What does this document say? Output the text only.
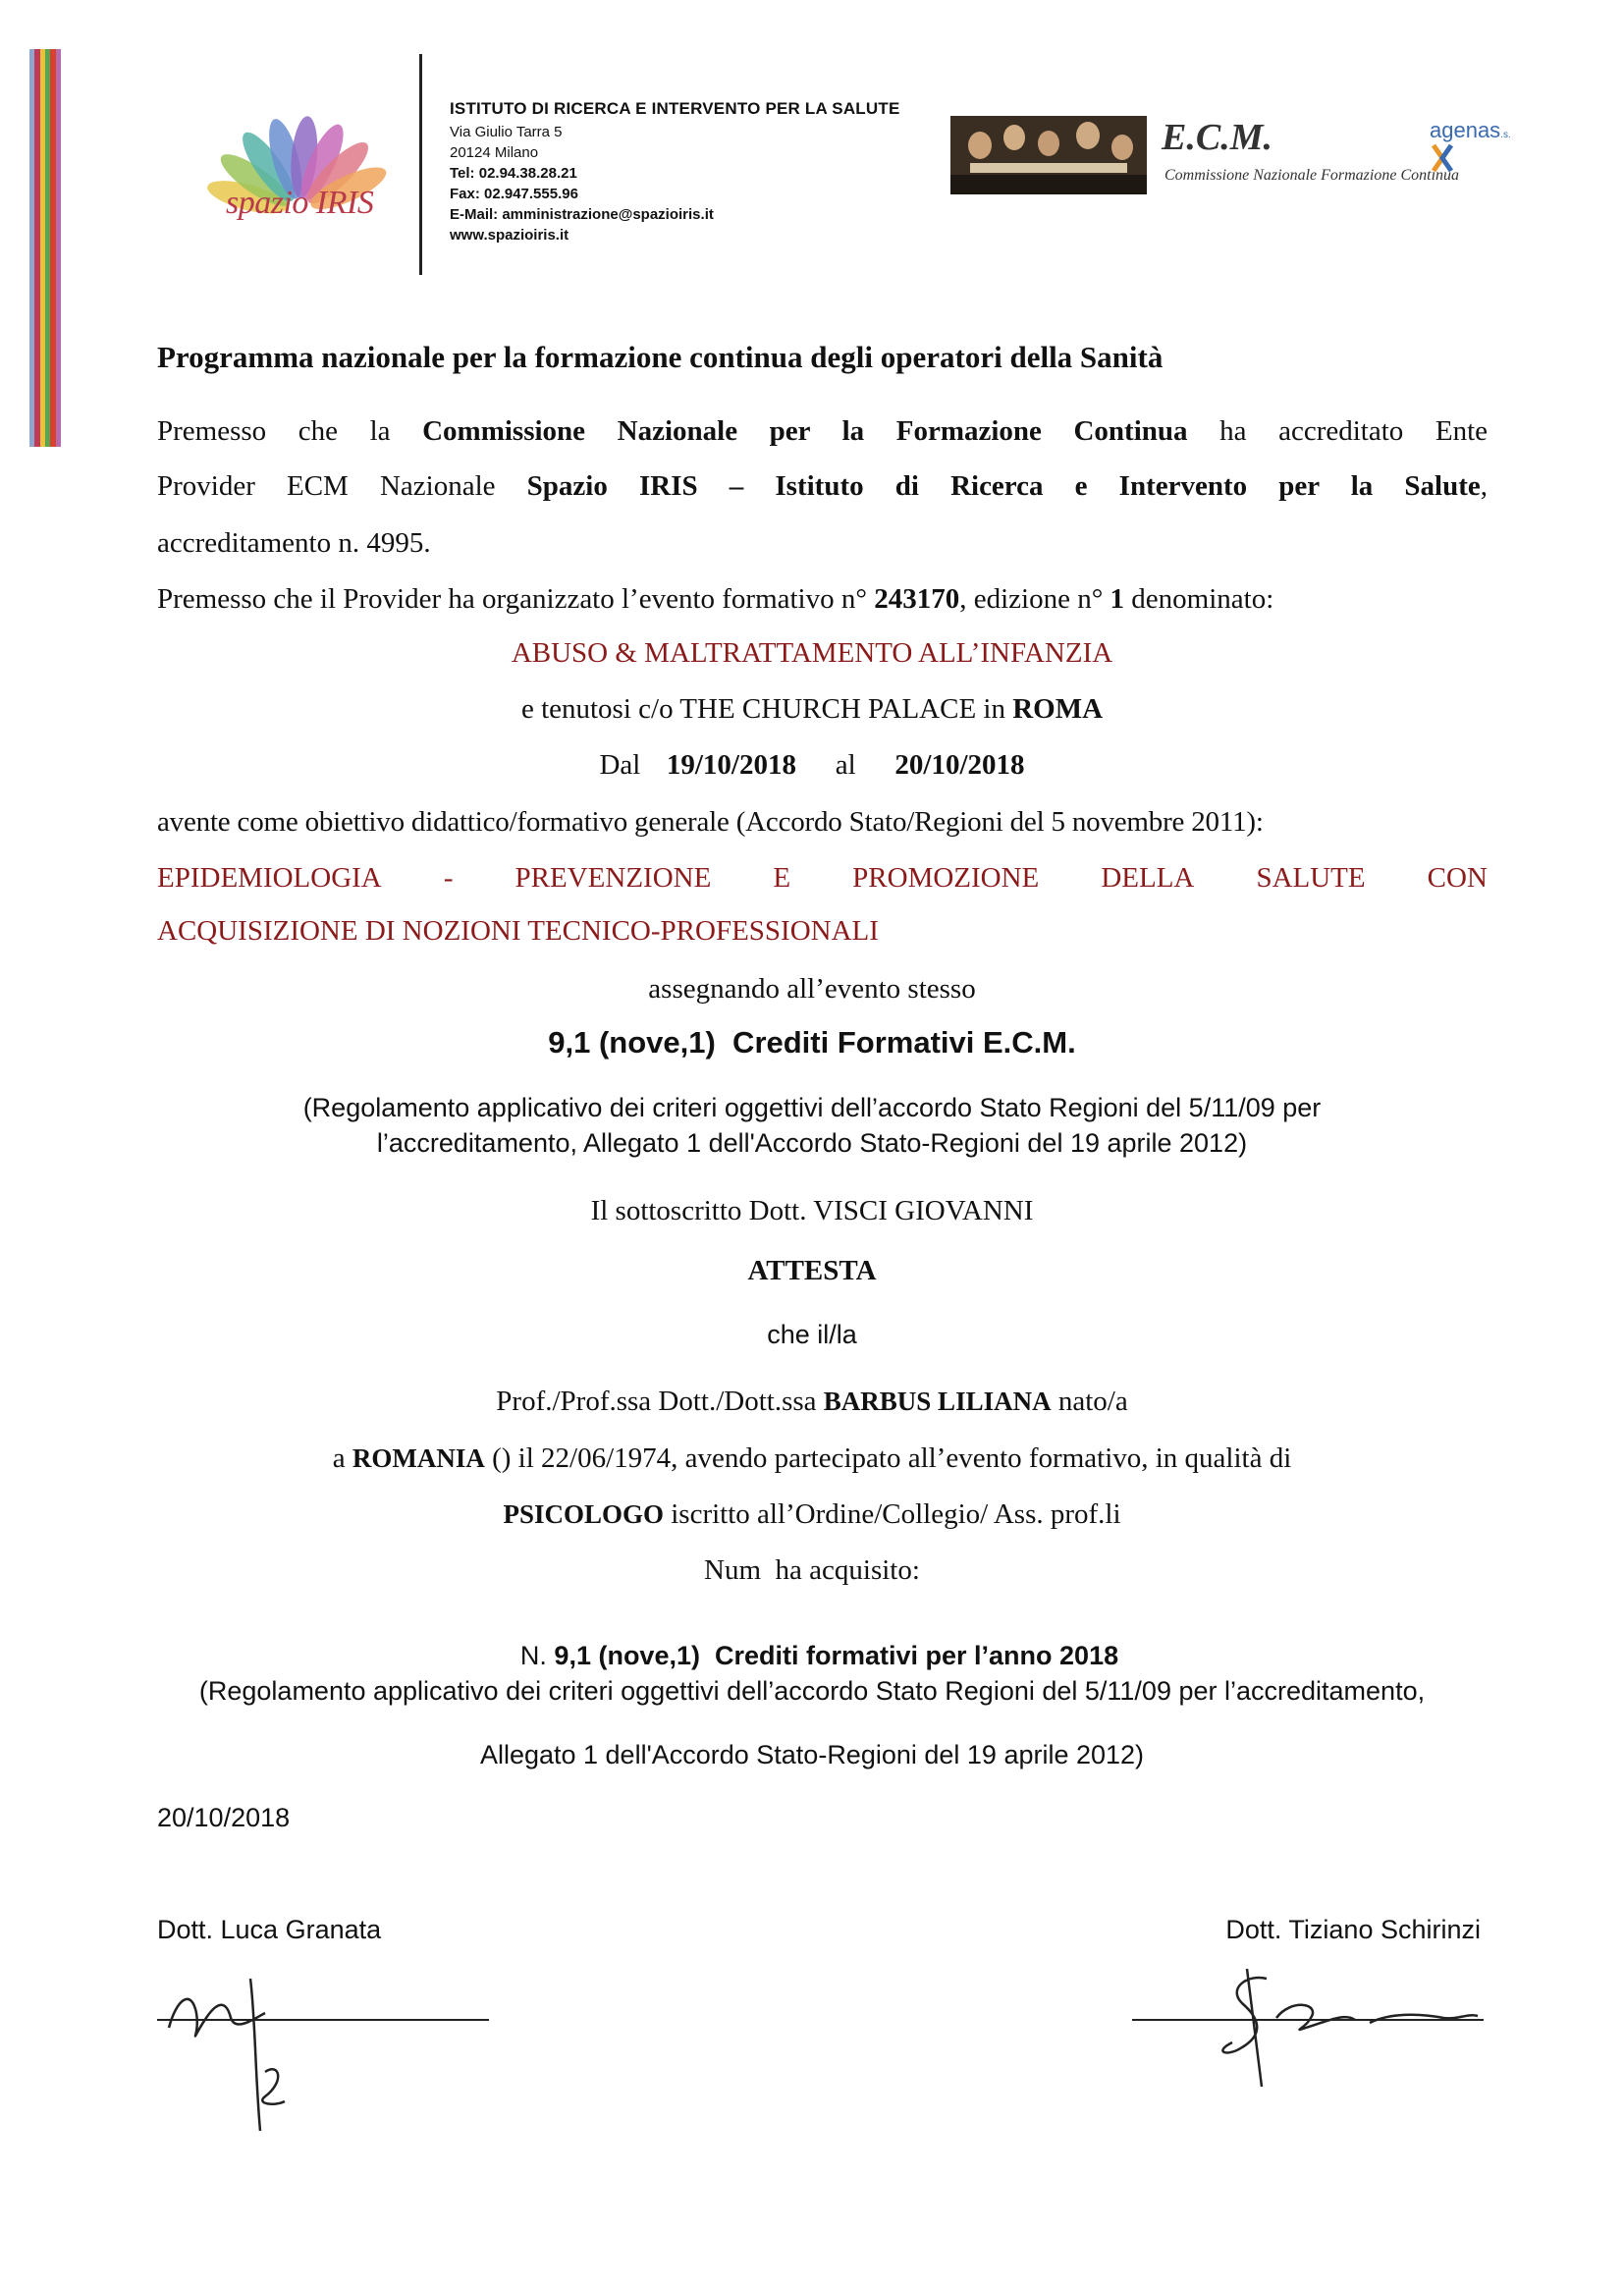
spazio IRIS
ISTITUTO DI RICERCA E INTERVENTO PER LA SALUTE
Via Giulio Tarra 5
20124 Milano
Tel: 02.94.38.28.21
Fax: 02.947.555.96
E-Mail: amministrazione@spazioiris.it
www.spazioiris.it
E.C.M.
Commissione Nazionale Formazione Continua
agenas.s.
Programma nazionale per la formazione continua degli operatori della Sanità
Premesso che la Commissione Nazionale per la Formazione Continua ha accreditato Ente
Provider ECM Nazionale Spazio IRIS – Istituto di Ricerca e Intervento per la Salute,
accreditamento n. 4995.
Premesso che il Provider ha organizzato l’evento formativo n° 243170, edizione n° 1 denominato:
ABUSO & MALTRATTAMENTO ALL’INFANZIA
e tenutosi c/o THE CHURCH PALACE in ROMA
Dal 19/10/2018 al 20/10/2018
avente come obiettivo didattico/formativo generale (Accordo Stato/Regioni del 5 novembre 2011):
EPIDEMIOLOGIA - PREVENZIONE E PROMOZIONE DELLA SALUTE CON
ACQUISIZIONE DI NOZIONI TECNICO-PROFESSIONALI
assegnando all’evento stesso
9,1 (nove,1)  Crediti Formativi E.C.M.
(Regolamento applicativo dei criteri oggettivi dell’accordo Stato Regioni del 5/11/09 per
l’accreditamento, Allegato 1 dell'Accordo Stato-Regioni del 19 aprile 2012)
Il sottoscritto Dott. VISCI GIOVANNI
ATTESTA
che il/la
Prof./Prof.ssa Dott./Dott.ssa BARBUS LILIANA nato/a
a ROMANIA () il 22/06/1974, avendo partecipato all’evento formativo, in qualità di
PSICOLOGO iscritto all’Ordine/Collegio/ Ass. prof.li
Num  ha acquisito:

N. 9,1 (nove,1)  Crediti formativi per l’anno 2018

(Regolamento applicativo dei criteri oggettivi dell’accordo Stato Regioni del 5/11/09 per l’accreditamento,
Allegato 1 dell'Accordo Stato-Regioni del 19 aprile 2012)
20/10/2018
Dott. Luca Granata	Dott. Tiziano Schirinzi
